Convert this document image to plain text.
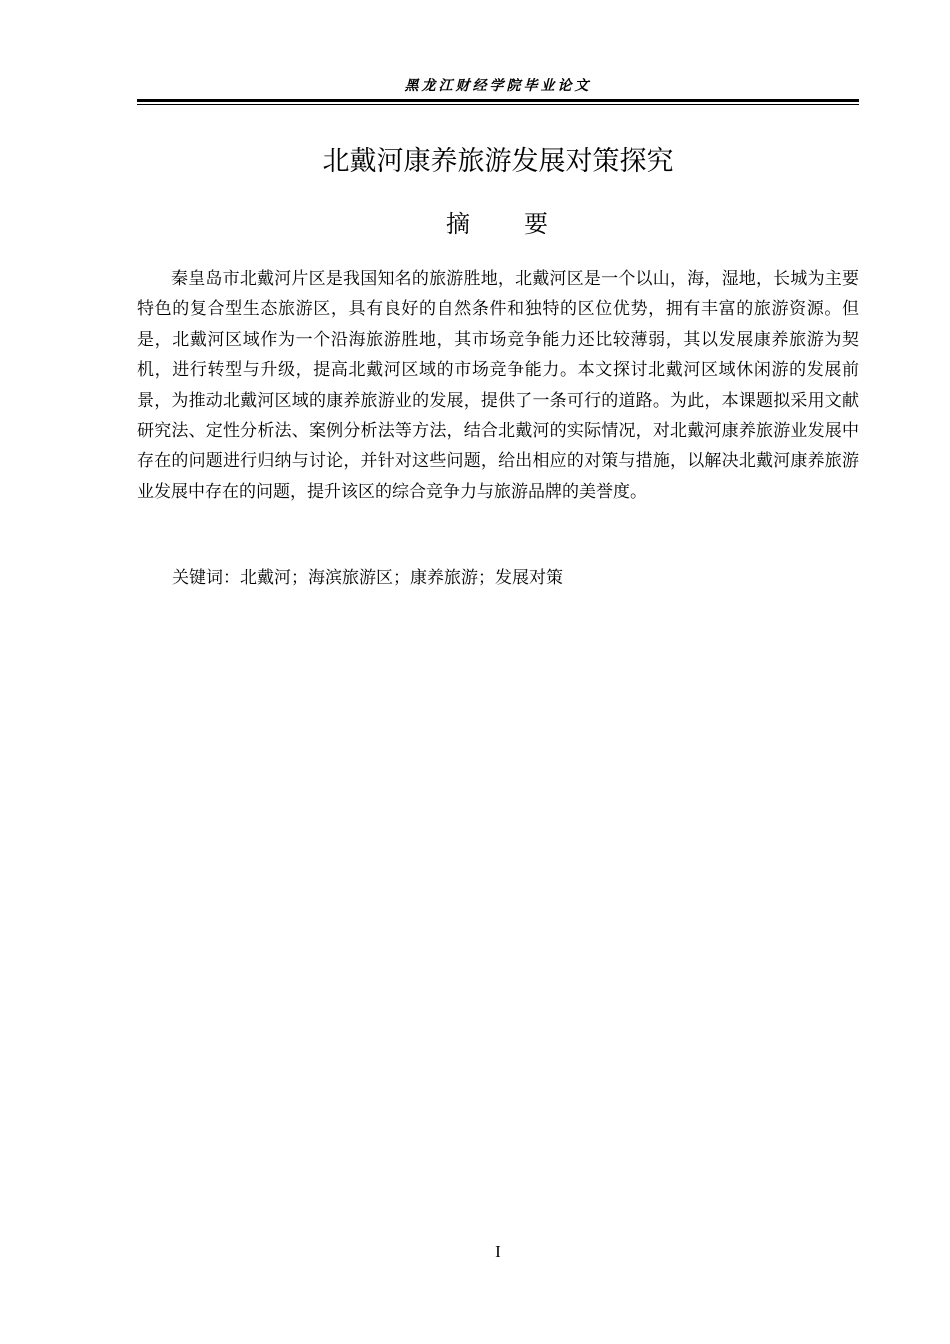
黑龙江财经学院毕业论文
北戴河康养旅游发展对策探究
摘 要

秦皇岛市北戴河片区是我国知名的旅游胜地，北戴河区是一个以山，海，湿地，长城为主要特色的复合型生态旅游区，具有良好的自然条件和独特的区位优势，拥有丰富的旅游资源。但是，北戴河区域作为一个沿海旅游胜地，其市场竞争能力还比较薄弱，其以发展康养旅游为契机，进行转型与升级，提高北戴河区域的市场竞争能力。本文探讨北戴河区域休闲游的发展前景，为推动北戴河区域的康养旅游业的发展，提供了一条可行的道路。为此，本课题拟采用文献研究法、定性分析法、案例分析法等方法，结合北戴河的实际情况，对北戴河康养旅游业发展中存在的问题进行归纳与讨论，并针对这些问题，给出相应的对策与措施，以解决北戴河康养旅游业发展中存在的问题，提升该区的综合竞争力与旅游品牌的美誉度。

关键词：北戴河；海滨旅游区；康养旅游；发展对策
I
